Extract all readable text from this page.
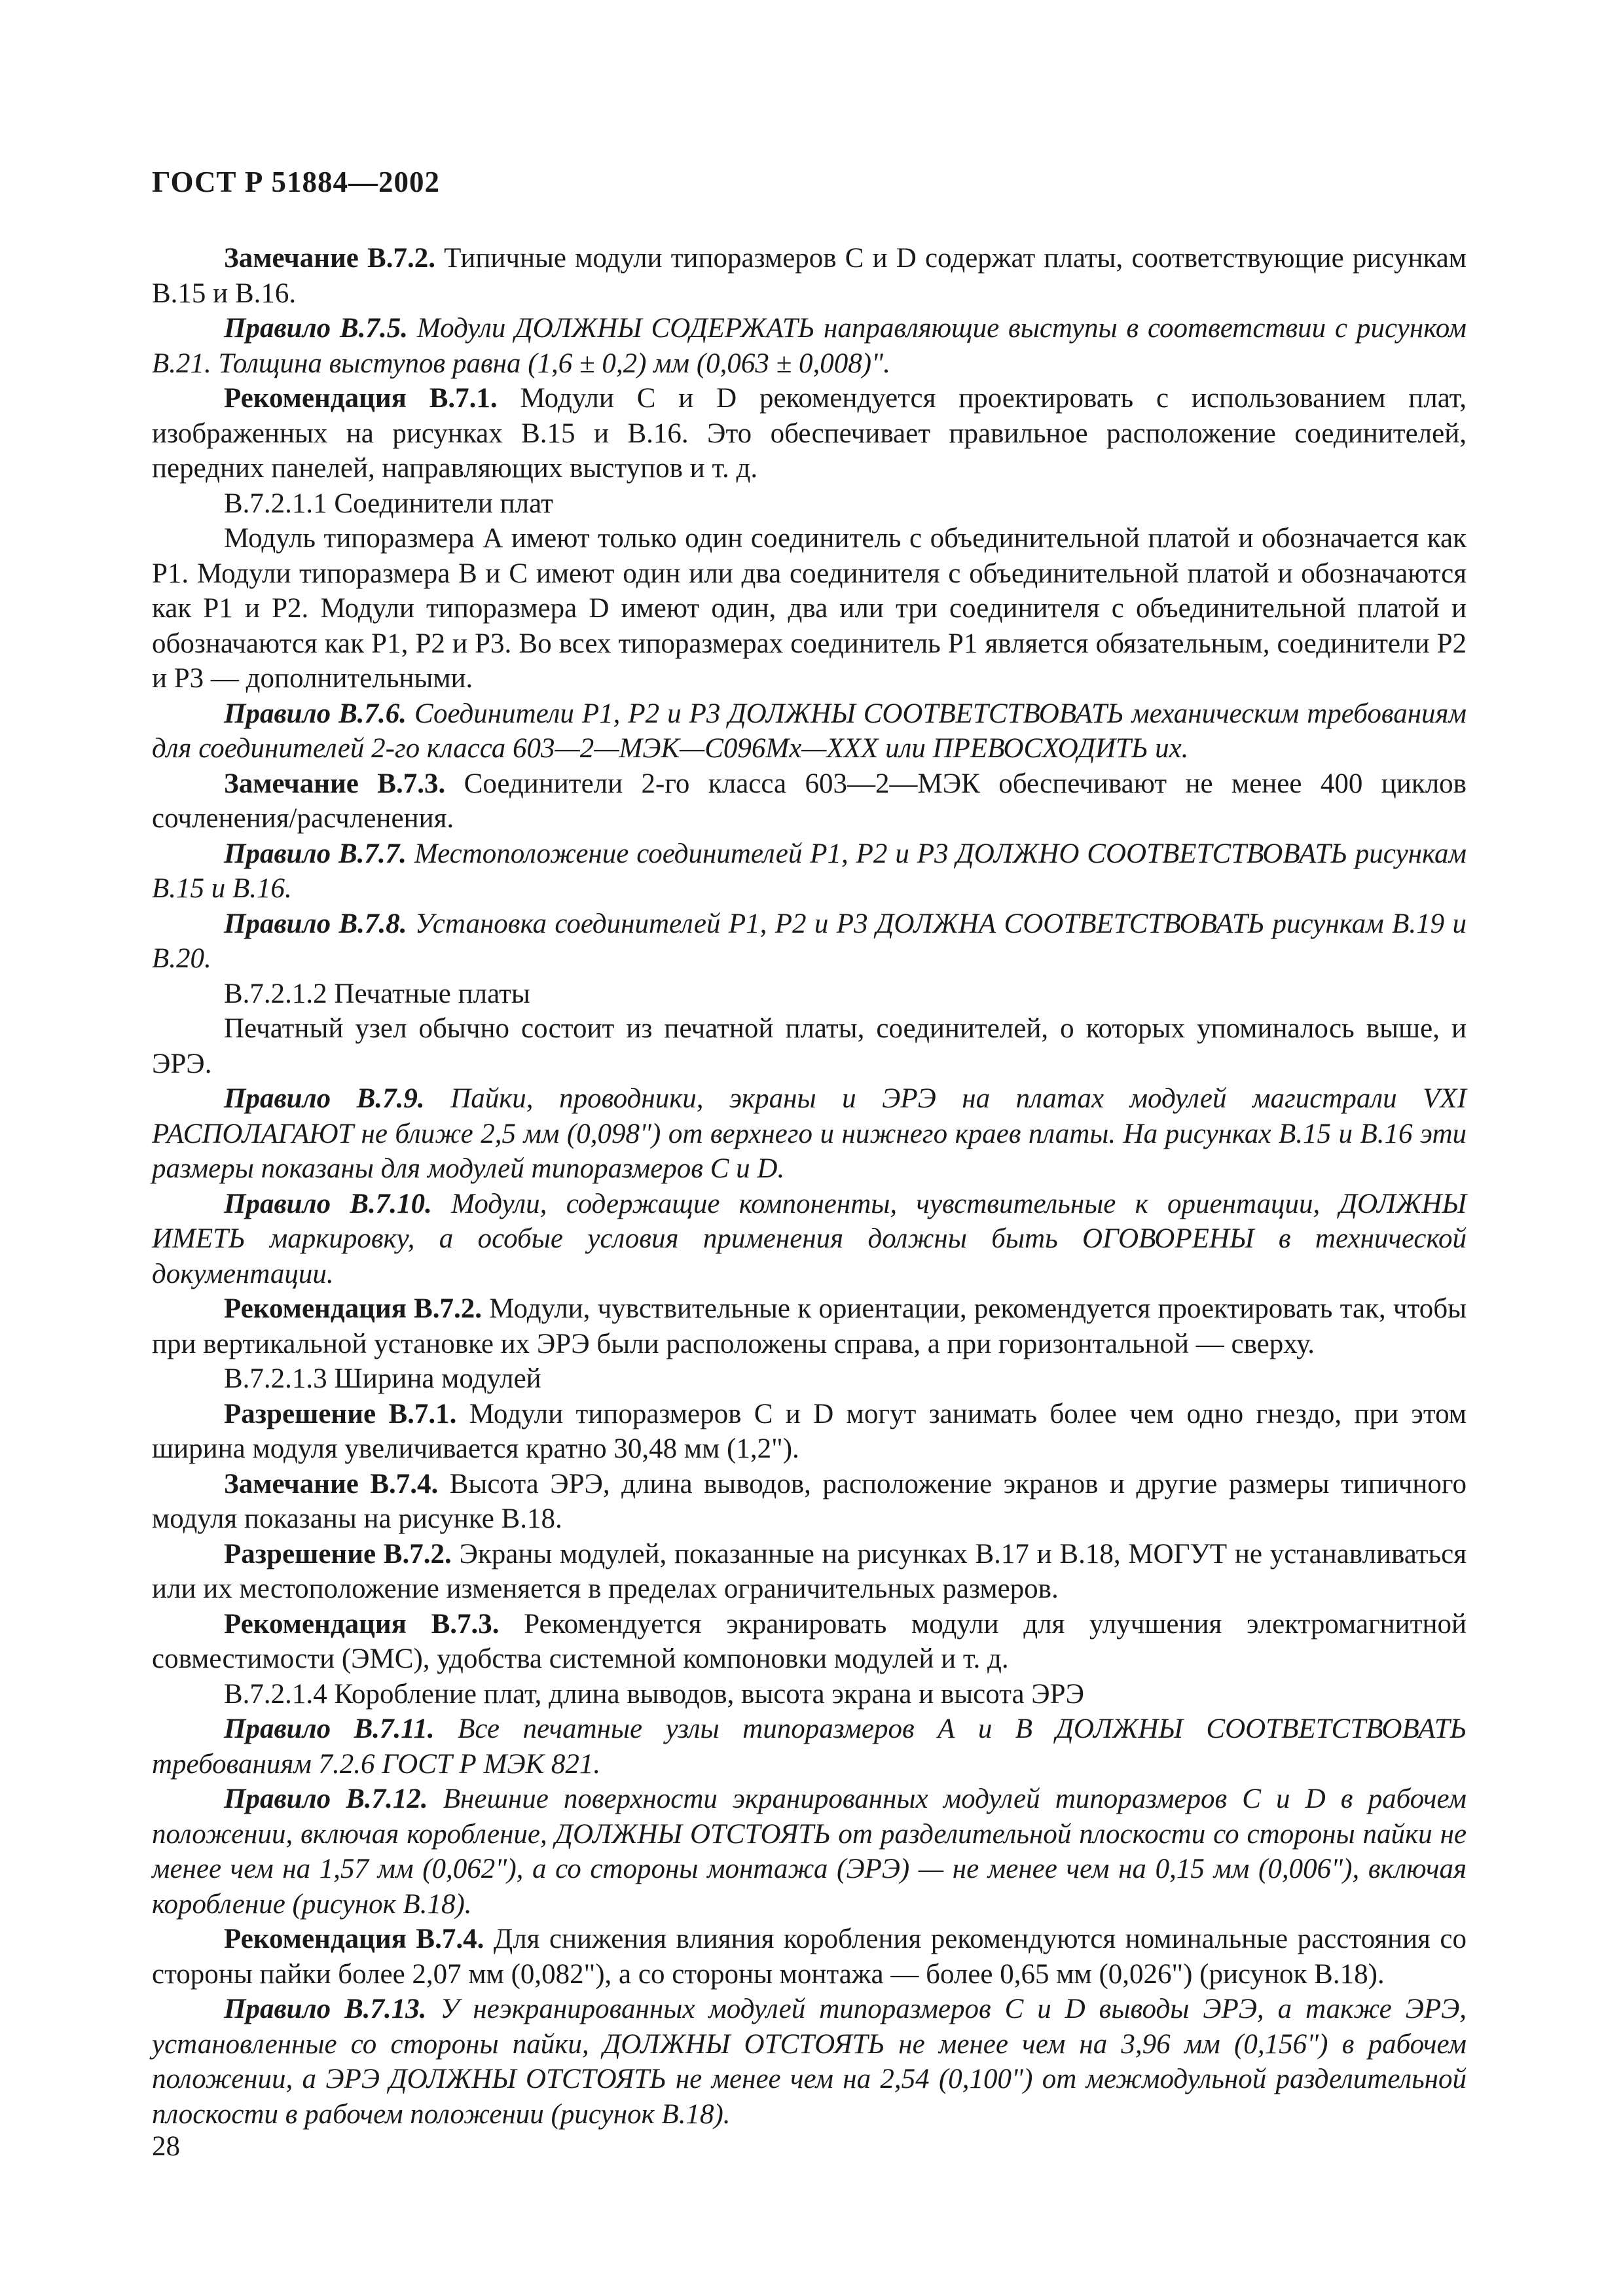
ГОСТ Р 51884—2002

Замечание В.7.2. Типичные модули типоразмеров С и D содержат платы, соответствующие рисункам В.15 и В.16.

Правило В.7.5. Модули ДОЛЖНЫ СОДЕРЖАТЬ направляющие выступы в соответствии с рисунком В.21. Толщина выступов равна (1,6 ± 0,2) мм (0,063 ± 0,008)".

Рекомендация В.7.1. Модули С и D рекомендуется проектировать с использованием плат, изображенных на рисунках В.15 и В.16. Это обеспечивает правильное расположение соединителей, передних панелей, направляющих выступов и т. д.

В.7.2.1.1 Соединители плат

Модуль типоразмера А имеют только один соединитель с объединительной платой и обозначается как Р1. Модули типоразмера В и С имеют один или два соединителя с объединительной платой и обозначаются как Р1 и Р2. Модули типоразмера D имеют один, два или три соединителя с объединительной платой и обозначаются как Р1, Р2 и Р3. Во всех типоразмерах соединитель Р1 является обязательным, соединители Р2 и Р3 — дополнительными.

Правило В.7.6. Соединители Р1, Р2 и Р3 ДОЛЖНЫ СООТВЕТСТВОВАТЬ механическим требованиям для соединителей 2-го класса 603—2—МЭК—С096Мх—ХХХ или ПРЕВОСХОДИТЬ их.

Замечание В.7.3. Соединители 2-го класса 603—2—МЭК обеспечивают не менее 400 циклов сочленения/расчленения.

Правило В.7.7. Местоположение соединителей Р1, Р2 и Р3 ДОЛЖНО СООТВЕТСТВОВАТЬ рисункам В.15 и В.16.

Правило В.7.8. Установка соединителей Р1, Р2 и Р3 ДОЛЖНА СООТВЕТСТВОВАТЬ рисункам В.19 и В.20.

В.7.2.1.2 Печатные платы

Печатный узел обычно состоит из печатной платы, соединителей, о которых упоминалось выше, и ЭРЭ.

Правило В.7.9. Пайки, проводники, экраны и ЭРЭ на платах модулей магистрали VXI РАСПОЛАГАЮТ не ближе 2,5 мм (0,098") от верхнего и нижнего краев платы. На рисунках В.15 и В.16 эти размеры показаны для модулей типоразмеров С и D.

Правило В.7.10. Модули, содержащие компоненты, чувствительные к ориентации, ДОЛЖНЫ ИМЕТЬ маркировку, а особые условия применения должны быть ОГОВОРЕНЫ в технической документации.

Рекомендация В.7.2. Модули, чувствительные к ориентации, рекомендуется проектировать так, чтобы при вертикальной установке их ЭРЭ были расположены справа, а при горизонтальной — сверху.

В.7.2.1.3 Ширина модулей

Разрешение В.7.1. Модули типоразмеров С и D могут занимать более чем одно гнездо, при этом ширина модуля увеличивается кратно 30,48 мм (1,2").

Замечание В.7.4. Высота ЭРЭ, длина выводов, расположение экранов и другие размеры типичного модуля показаны на рисунке В.18.

Разрешение В.7.2. Экраны модулей, показанные на рисунках В.17 и В.18, МОГУТ не устанавливаться или их местоположение изменяется в пределах ограничительных размеров.

Рекомендация В.7.3. Рекомендуется экранировать модули для улучшения электромагнитной совместимости (ЭМС), удобства системной компоновки модулей и т. д.

В.7.2.1.4 Коробление плат, длина выводов, высота экрана и высота ЭРЭ

Правило В.7.11. Все печатные узлы типоразмеров А и В ДОЛЖНЫ СООТВЕТСТВОВАТЬ требованиям 7.2.6 ГОСТ Р МЭК 821.

Правило В.7.12. Внешние поверхности экранированных модулей типоразмеров С и D в рабочем положении, включая коробление, ДОЛЖНЫ ОТСТОЯТЬ от разделительной плоскости со стороны пайки не менее чем на 1,57 мм (0,062"), а со стороны монтажа (ЭРЭ) — не менее чем на 0,15 мм (0,006"), включая коробление (рисунок В.18).

Рекомендация В.7.4. Для снижения влияния коробления рекомендуются номинальные расстояния со стороны пайки более 2,07 мм (0,082"), а со стороны монтажа — более 0,65 мм (0,026") (рисунок В.18).

Правило В.7.13. У неэкранированных модулей типоразмеров С и D выводы ЭРЭ, а также ЭРЭ, установленные со стороны пайки, ДОЛЖНЫ ОТСТОЯТЬ не менее чем на 3,96 мм (0,156") в рабочем положении, а ЭРЭ ДОЛЖНЫ ОТСТОЯТЬ не менее чем на 2,54 (0,100") от межмодульной разделительной плоскости в рабочем положении (рисунок В.18).

28
